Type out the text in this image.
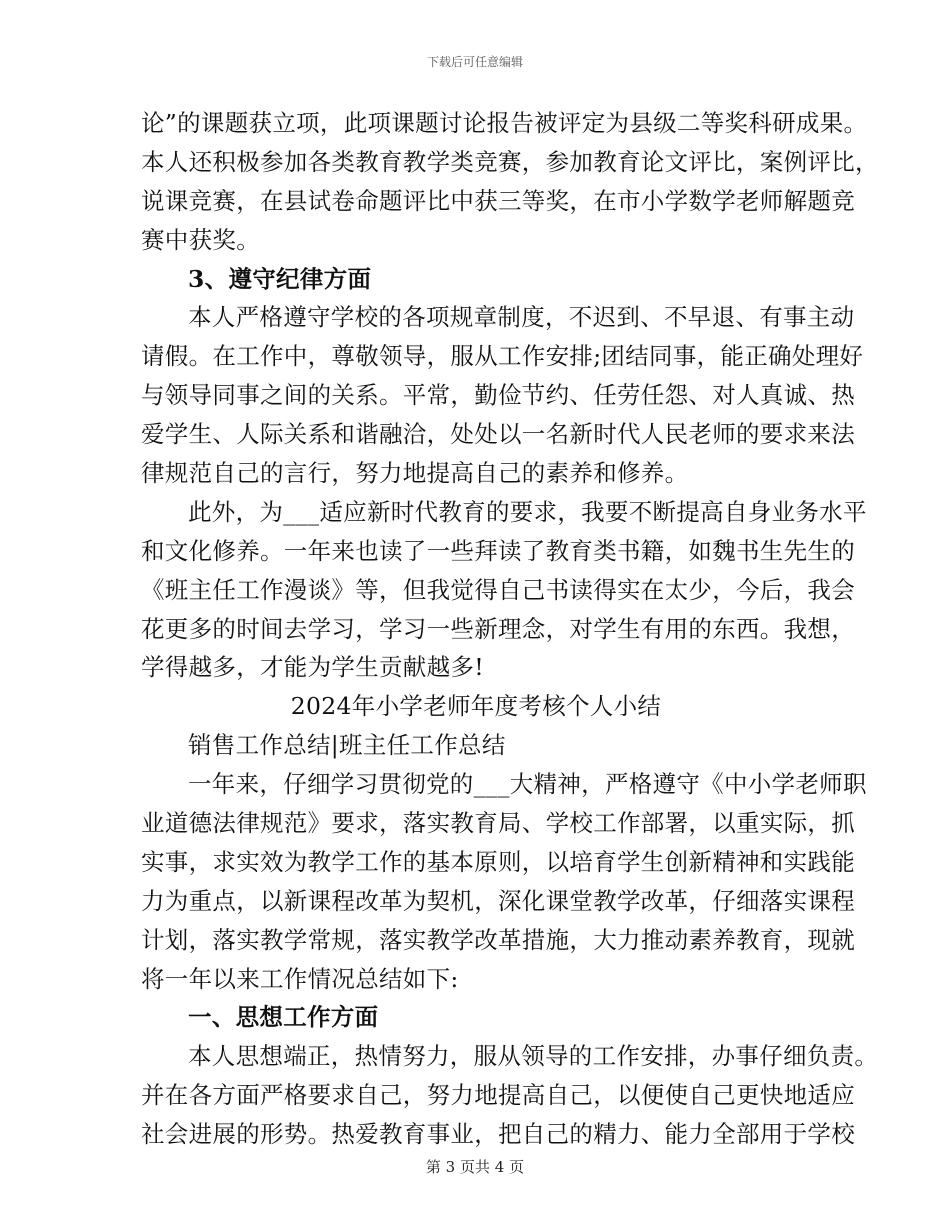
下载后可任意编辑
论”的课题获立项，此项课题讨论报告被评定为县级二等奖科研成果。
本人还积极参加各类教育教学类竞赛，参加教育论文评比，案例评比，
说课竞赛，在县试卷命题评比中获三等奖，在市小学数学老师解题竞
赛中获奖。
3、遵守纪律方面
本人严格遵守学校的各项规章制度，不迟到、不早退、有事主动
请假。在工作中，尊敬领导，服从工作安排;团结同事，能正确处理好
与领导同事之间的关系。平常，勤俭节约、任劳任怨、对人真诚、热
爱学生、人际关系和谐融洽，处处以一名新时代人民老师的要求来法
律规范自己的言行，努力地提高自己的素养和修养。
此外，为___适应新时代教育的要求，我要不断提高自身业务水平
和文化修养。一年来也读了一些拜读了教育类书籍，如魏书生先生的
《班主任工作漫谈》等，但我觉得自己书读得实在太少，今后，我会
花更多的时间去学习，学习一些新理念，对学生有用的东西。我想，
学得越多，才能为学生贡献越多!
2024年小学老师年度考核个人小结
销售工作总结|班主任工作总结
一年来，仔细学习贯彻党的___大精神，严格遵守《中小学老师职
业道德法律规范》要求，落实教育局、学校工作部署，以重实际，抓
实事，求实效为教学工作的基本原则，以培育学生创新精神和实践能
力为重点，以新课程改革为契机，深化课堂教学改革，仔细落实课程
计划，落实教学常规，落实教学改革措施，大力推动素养教育，现就
将一年以来工作情况总结如下:
一、思想工作方面
本人思想端正，热情努力，服从领导的工作安排，办事仔细负责。
并在各方面严格要求自己，努力地提高自己，以便使自己更快地适应
社会进展的形势。热爱教育事业，把自己的精力、能力全部用于学校
第 3 页共 4 页
